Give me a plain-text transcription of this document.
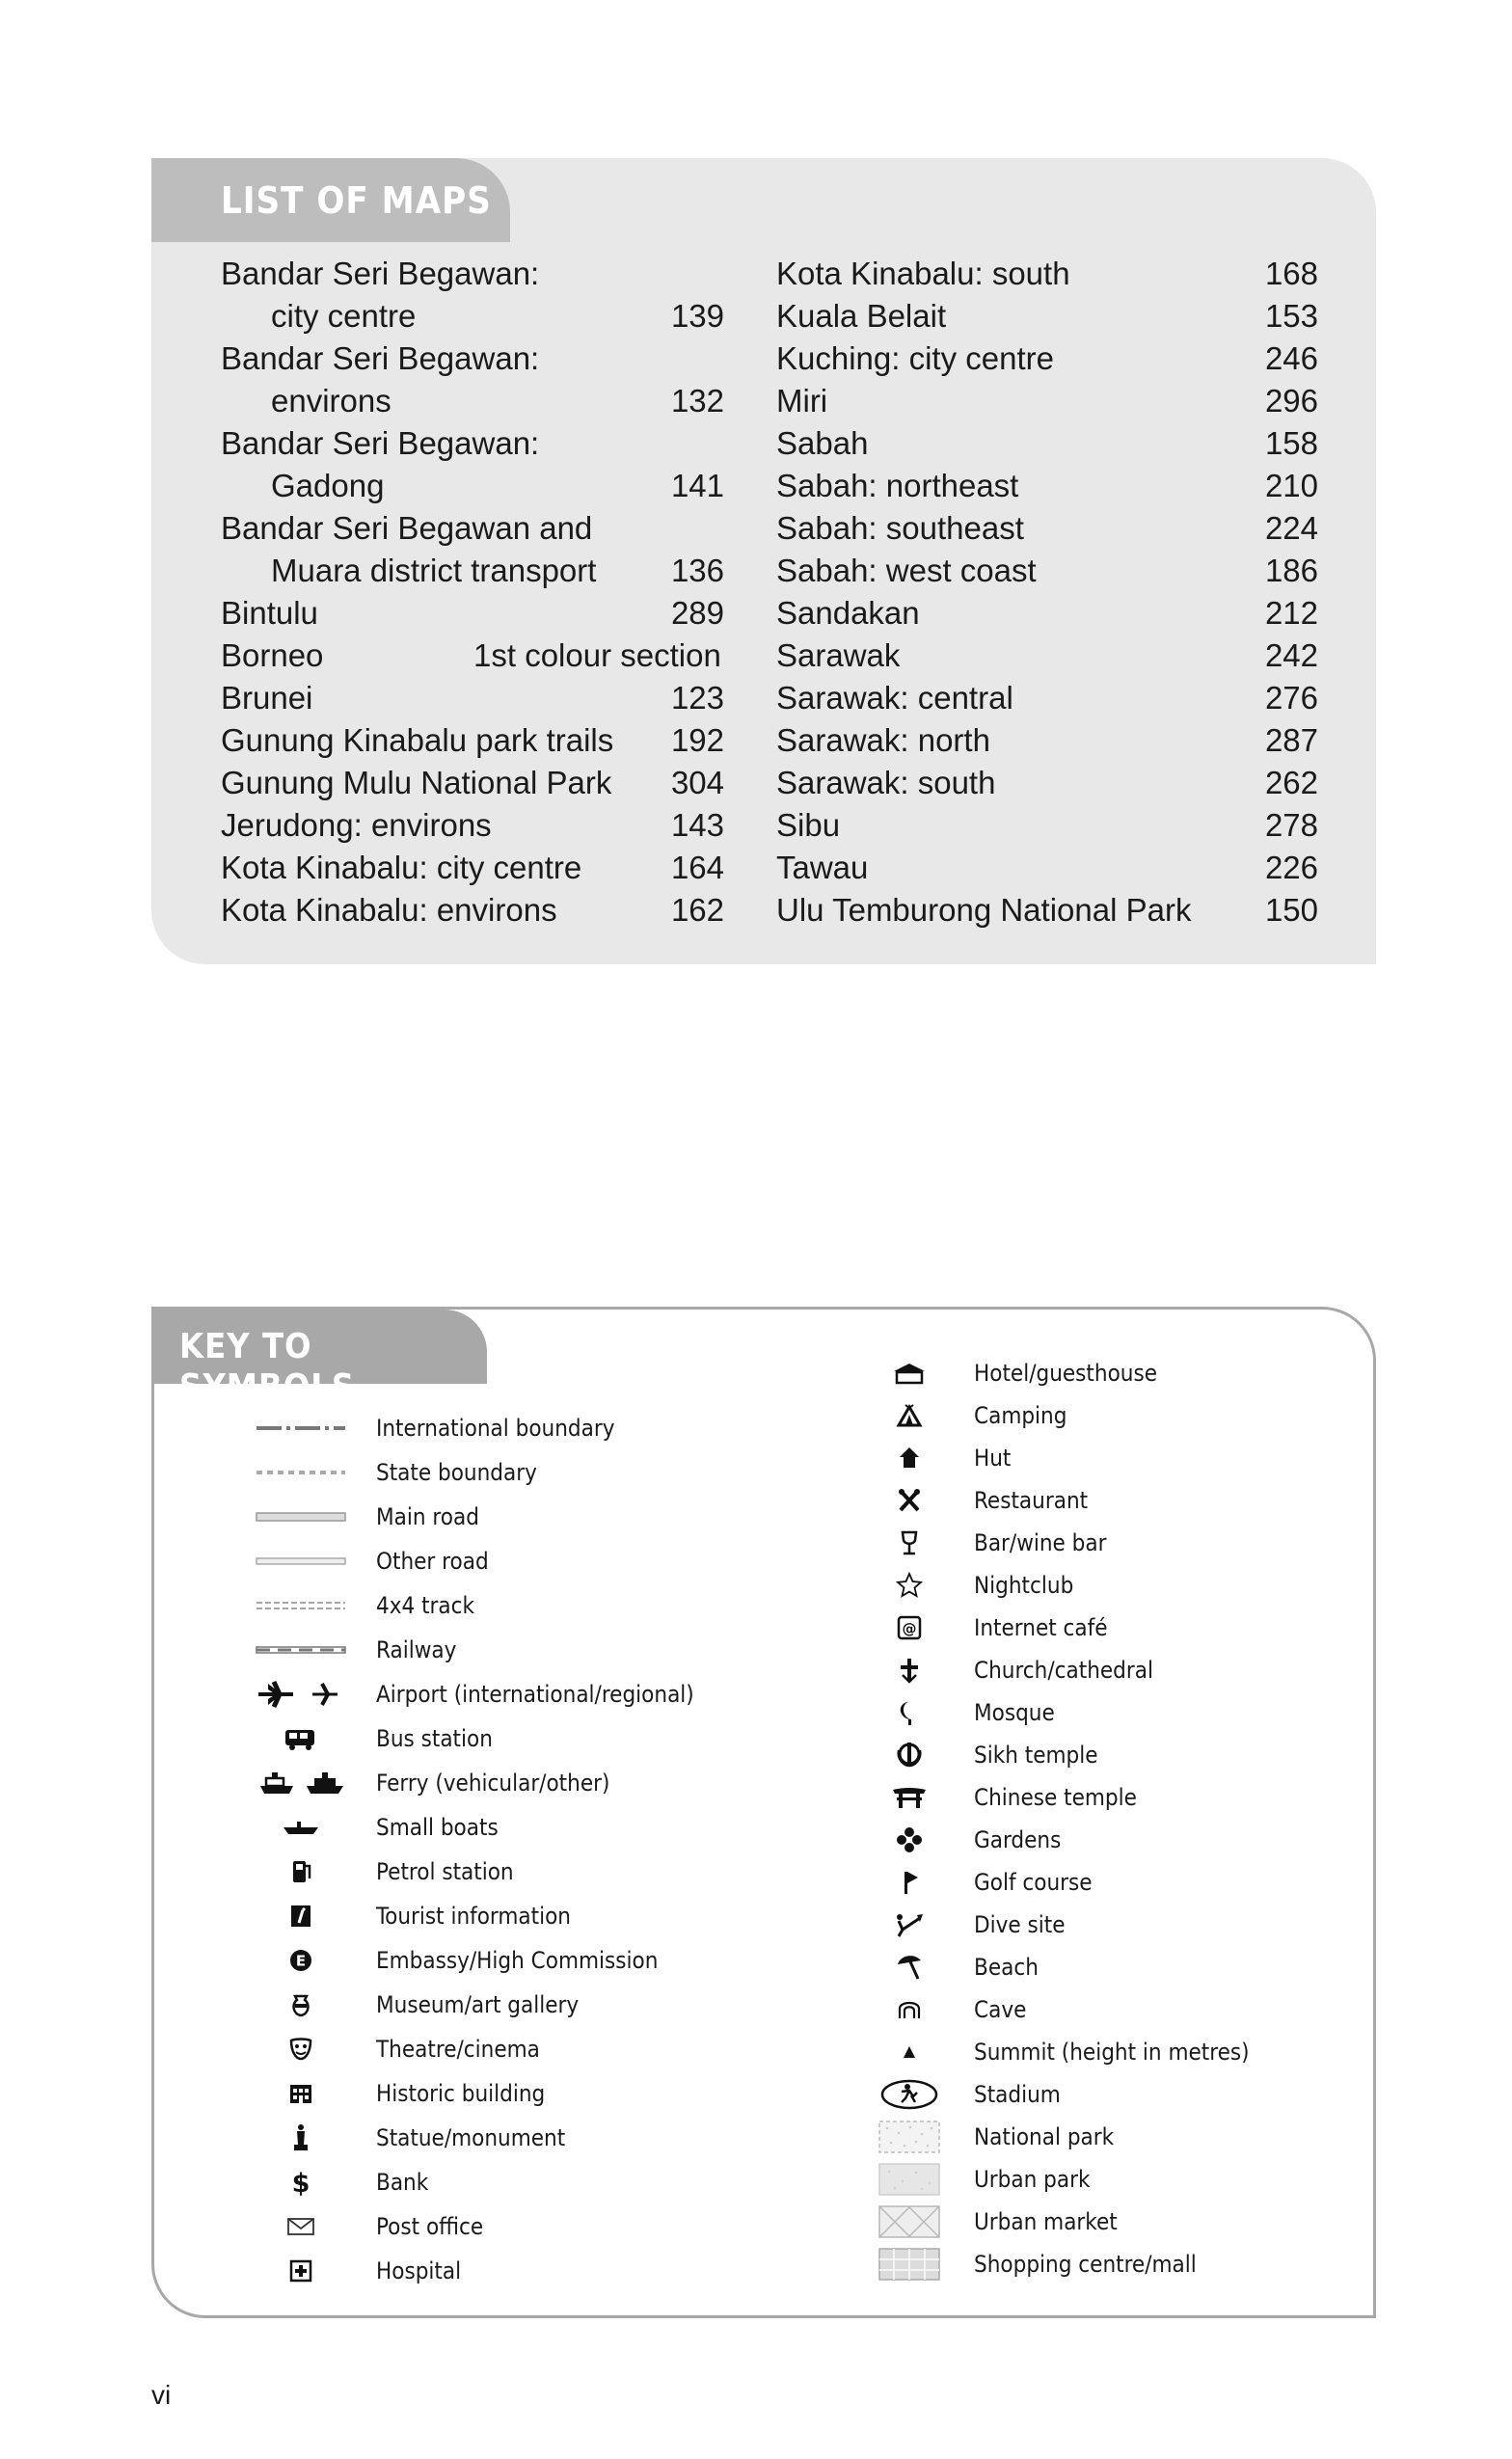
LIST OF MAPS
Bandar Seri Begawan:
city centre	139
Bandar Seri Begawan:
environs	132
Bandar Seri Begawan:
Gadong	141
Bandar Seri Begawan and
Muara district transport 136
Bintulu	289
Borneo	1st colour section
Brunei	123
Gunung Kinabalu park trails 192
Gunung Mulu National Park 304
Jerudong: environs	143
Kota Kinabalu: city centre	164
Kota Kinabalu: environs	162
Kota Kinabalu: south	168
Kuala Belait	153
Kuching: city centre	246
Miri	296
Sabah	158
Sabah: northeast	210
Sabah: southeast	224
Sabah: west coast	186
Sandakan	212
Sarawak	242
Sarawak: central	276
Sarawak: north	287
Sarawak: south	262
Sibu	278
Tawau	226
Ulu Temburong National Park 150
KEY TO SYMBOLS
International boundary
State boundary
Main road
Other road
4x4 track
Railway
Airport (international/regional)
Bus station
Ferry (vehicular/other)
Small boats
Petrol station
Tourist information
E	Embassy/High Commission
Museum/art gallery
Theatre/cinema
Historic building
Statue/monument
$	Bank
Post office
Hospital
Hotel/guesthouse
Camping
Hut
Restaurant
Bar/wine bar
Nightclub
@ Internet café
Church/cathedral
Mosque
Sikh temple
Chinese temple
Gardens
Golf course
Dive site
Beach
Cave
Summit (height in metres)
Stadium
National park
Urban park
Urban market
Shopping centre/mall
vi
